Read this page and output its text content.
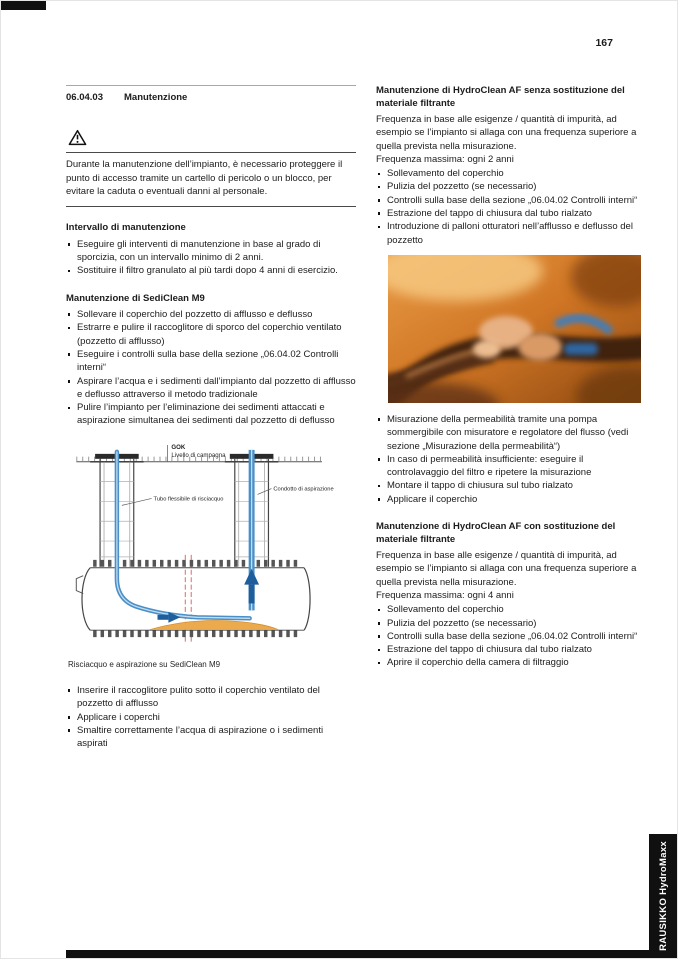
167
06.04.03	Manutenzione
Durante la manutenzione dell’impianto, è necessario proteggere il punto di accesso tramite un cartello di pericolo o un blocco, per evitare la caduta o eventuali danni al personale.
Intervallo di manutenzione
Eseguire gli interventi di manutenzione in base al grado di sporcizia, con un intervallo minimo di 2 anni.
Sostituire il filtro granulato al più tardi dopo 4 anni di esercizio.
Manutenzione di SediClean M9
Sollevare il coperchio del pozzetto di afflusso e deflusso
Estrarre e pulire il raccoglitore di sporco del coperchio ventilato (pozzetto di afflusso)
Eseguire i controlli sulla base della sezione „06.04.02 Controlli interni“
Aspirare l’acqua e i sedimenti dall’impianto dal pozzetto di afflusso e deflusso attraverso il metodo tradizionale
Pulire l’impianto per l’eliminazione dei sedimenti attaccati e aspirazione simultanea dei sedimenti dal pozzetto di deflusso
GOK
Livello di campagna
Tubo flessibile di risciacquo
Condotto di aspirazione
Risciacquo e aspirazione su SediClean M9
Inserire il raccoglitore pulito sotto il coperchio ventilato del pozzetto di afflusso
Applicare i coperchi
Smaltire correttamente l’acqua di aspirazione o i sedimenti aspirati
Manutenzione di HydroClean AF senza sostituzione del materiale filtrante

Frequenza in base alle esigenze / quantità di impurità, ad esempio se l’impianto si allaga con una frequenza superiore a quella prevista nella misurazione.

Frequenza massima: ogni 2 anni

Sollevamento del coperchio
Pulizia del pozzetto (se necessario)
Controlli sulla base della sezione „06.04.02 Controlli interni“
Estrazione del tappo di chiusura dal tubo rialzato
Introduzione di palloni otturatori nell’afflusso e deflusso del pozzetto
Misurazione della permeabilità tramite una pompa sommergibile con misuratore e regolatore del flusso (vedi sezione „Misurazione della permeabilità“)
In caso di permeabilità insufficiente: eseguire il controlavaggio del filtro e ripetere la misurazione
Montare il tappo di chiusura sul tubo rialzato
Applicare il coperchio
Manutenzione di HydroClean AF con sostituzione del materiale filtrante

Frequenza in base alle esigenze / quantità di impurità, ad esempio se l’impianto si allaga con una frequenza superiore a quella prevista nella misurazione.

Frequenza massima: ogni 4 anni

Sollevamento del coperchio
Pulizia del pozzetto (se necessario)
Controlli sulla base della sezione „06.04.02 Controlli interni“
Estrazione del tappo di chiusura dal tubo rialzato
Aprire il coperchio della camera di filtraggio
RAUSIKKO HydroMaxx
